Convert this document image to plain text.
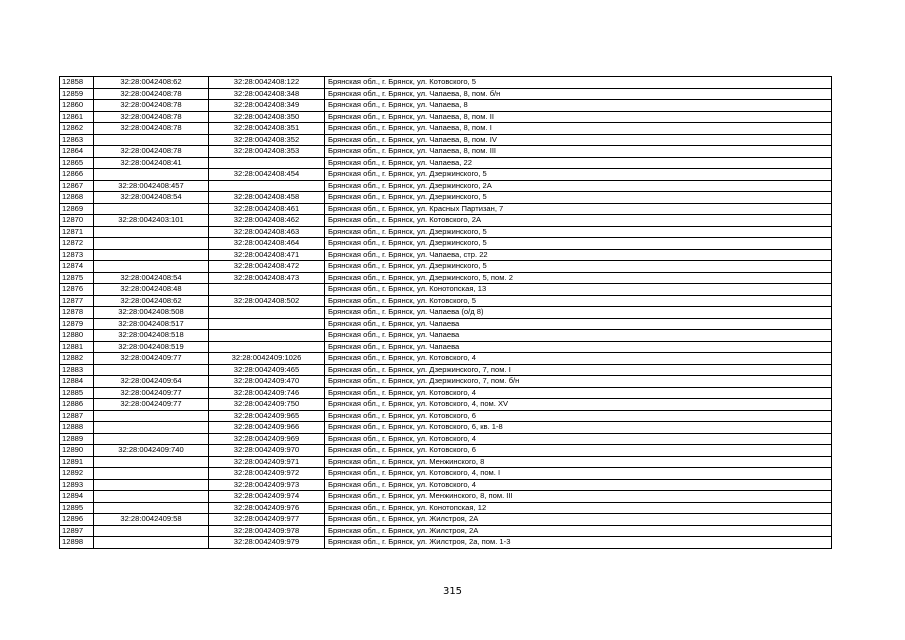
12858	32:28:0042408:62	32:28:0042408:122	Брянская обл., г. Брянск, ул. Котовского, 5
12859	32:28:0042408:78	32:28:0042408:348	Брянская обл., г. Брянск, ул. Чапаева, 8, пом. б/н
12860	32:28:0042408:78	32:28:0042408:349	Брянская обл., г. Брянск, ул. Чапаева, 8
12861	32:28:0042408:78	32:28:0042408:350	Брянская обл., г. Брянск, ул. Чапаева, 8, пом. II
12862	32:28:0042408:78	32:28:0042408:351	Брянская обл., г. Брянск, ул. Чапаева, 8, пом. I
12863		32:28:0042408:352	Брянская обл., г. Брянск, ул. Чапаева, 8, пом. IV
12864	32:28:0042408:78	32:28:0042408:353	Брянская обл., г. Брянск, ул. Чапаева, 8, пом. III
12865	32:28:0042408:41		Брянская обл., г. Брянск, ул. Чапаева, 22
12866		32:28:0042408:454	Брянская обл., г. Брянск, ул. Дзержинского, 5
12867	32:28:0042408:457		Брянская обл., г. Брянск, ул. Дзержинского, 2А
12868	32:28:0042408:54	32:28:0042408:458	Брянская обл., г. Брянск, ул. Дзержинского, 5
12869		32:28:0042408:461	Брянская обл., г. Брянск, ул. Красных Партизан, 7
12870	32:28:0042403:101	32:28:0042408:462	Брянская обл., г. Брянск, ул. Котовского, 2А
12871		32:28:0042408:463	Брянская обл., г. Брянск, ул. Дзержинского, 5
12872		32:28:0042408:464	Брянская обл., г. Брянск, ул. Дзержинского, 5
12873		32:28:0042408:471	Брянская обл., г. Брянск, ул. Чапаева, стр. 22
12874		32:28:0042408:472	Брянская обл., г. Брянск, ул. Дзержинского, 5
12875	32:28:0042408:54	32:28:0042408:473	Брянская обл., г. Брянск, ул. Дзержинского, 5, пом. 2
12876	32:28:0042408:48		Брянская обл., г. Брянск, ул. Конотопская, 13
12877	32:28:0042408:62	32:28:0042408:502	Брянская обл., г. Брянск, ул. Котовского, 5
12878	32:28:0042408:508		Брянская обл., г. Брянск, ул. Чапаева (о/д 8)
12879	32:28:0042408:517		Брянская обл., г. Брянск, ул. Чапаева
12880	32:28:0042408:518		Брянская обл., г. Брянск, ул. Чапаева
12881	32:28:0042408:519		Брянская обл., г. Брянск, ул. Чапаева
12882	32:28:0042409:77	32:28:0042409:1026	Брянская обл., г. Брянск, ул. Котовского, 4
12883		32:28:0042409:465	Брянская обл., г. Брянск, ул. Дзержинского, 7, пом. I
12884	32:28:0042409:64	32:28:0042409:470	Брянская обл., г. Брянск, ул. Дзержинского, 7, пом. б/н
12885	32:28:0042409:77	32:28:0042409:746	Брянская обл., г. Брянск, ул. Котовского, 4
12886	32:28:0042409:77	32:28:0042409:750	Брянская обл., г. Брянск, ул. Котовского, 4, пом. XV
12887		32:28:0042409:965	Брянская обл., г. Брянск, ул. Котовского, 6
12888		32:28:0042409:966	Брянская обл., г. Брянск, ул. Котовского, 6, кв. 1-8
12889		32:28:0042409:969	Брянская обл., г. Брянск, ул. Котовского, 4
12890	32:28:0042409:740	32:28:0042409:970	Брянская обл., г. Брянск, ул. Котовского, 6
12891		32:28:0042409:971	Брянская обл., г. Брянск, ул. Менжинского, 8
12892		32:28:0042409:972	Брянская обл., г. Брянск, ул. Котовского, 4, пом. I
12893		32:28:0042409:973	Брянская обл., г. Брянск, ул. Котовского, 4
12894		32:28:0042409:974	Брянская обл., г. Брянск, ул. Менжинского, 8, пом. III
12895		32:28:0042409:976	Брянская обл., г. Брянск, ул. Конотопская, 12
12896	32:28:0042409:58	32:28:0042409:977	Брянская обл., г. Брянск, ул. Жилстроя, 2А
12897		32:28:0042409:978	Брянская обл., г. Брянск, ул. Жилстроя, 2А
12898		32:28:0042409:979	Брянская обл., г. Брянск, ул. Жилстроя, 2а, пом. 1-3
315
